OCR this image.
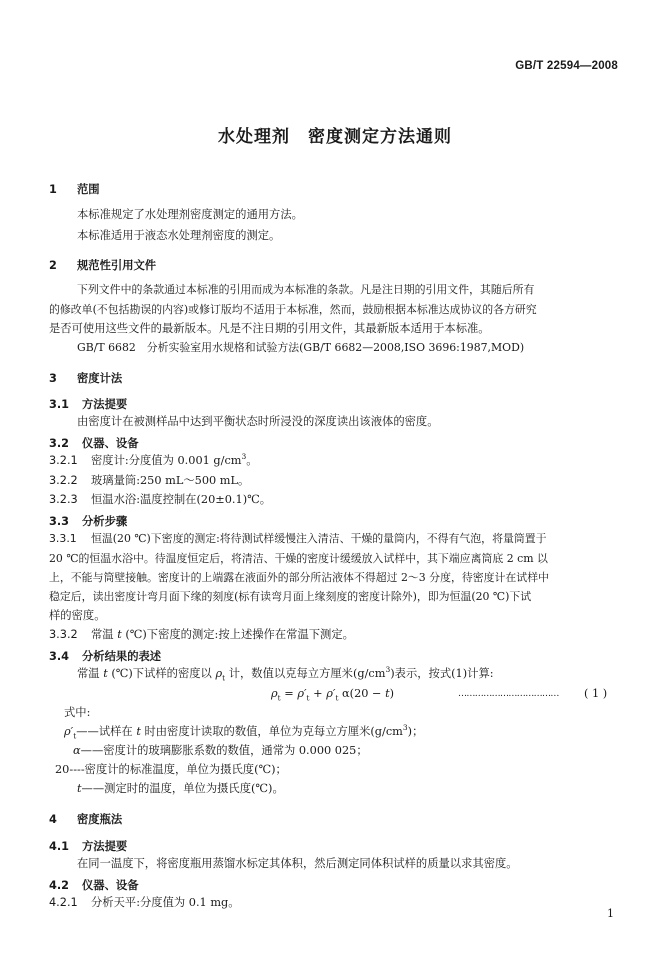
GB/T 22594—2008
水处理剂　密度测定方法通则
1 范围
本标准规定了水处理剂密度测定的通用方法。
本标准适用于液态水处理剂密度的测定。
2 规范性引用文件
下列文件中的条款通过本标准的引用而成为本标准的条款。凡是注日期的引用文件，其随后所有
的修改单(不包括勘误的内容)或修订版均不适用于本标准，然而，鼓励根据本标准达成协议的各方研究
是否可使用这些文件的最新版本。凡是不注日期的引用文件，其最新版本适用于本标准。
GB/T 6682　分析实验室用水规格和试验方法(GB/T 6682—2008,ISO 3696:1987,MOD)
3 密度计法
3.1 方法提要
由密度计在被测样品中达到平衡状态时所浸没的深度读出该液体的密度。
3.2 仪器、设备
3.2.1 密度计:分度值为 0.001 $g/cm^3$。
3.2.2 玻璃量筒:250 mL～500 mL。
3.2.3 恒温水浴:温度控制在(20±0.1)℃。
3.3 分析步骤
3.3.1 恒温(20 ℃)下密度的测定:将待测试样缓慢注入清洁、干燥的量筒内，不得有气泡，将量筒置于
20 ℃的恒温水浴中。待温度恒定后，将清洁、干燥的密度计缓缓放入试样中，其下端应离筒底 2 cm 以
上，不能与筒壁接触。密度计的上端露在液面外的部分所沾液体不得超过 2～3 分度，待密度计在试样中
稳定后，读出密度计弯月面下缘的刻度(标有读弯月面上缘刻度的密度计除外)，即为恒温(20 ℃)下试
样的密度。
3.3.2 常温 t (℃)下密度的测定:按上述操作在常温下测定。
3.4 分析结果的表述
常温 t (℃)下试样的密度以 $\rho_t$ 计，数值以克每立方厘米$(g/cm^3)$表示，按式(1)计算:
$\rho_t = \rho'_t + \rho'_t$ α(20 − t)	……………………………… ( 1 )
式中:
$\rho'_t——$试样在 t 时由密度计读取的数值，单位为克每立方厘米$(g/cm^3)$；
α——密度计的玻璃膨胀系数的数值，通常为 0.000 025；
20----密度计的标准温度，单位为摄氏度(℃)；
t——测定时的温度，单位为摄氏度(℃)。
4 密度瓶法
4.1 方法提要
在同一温度下，将密度瓶用蒸馏水标定其体积，然后测定同体积试样的质量以求其密度。
4.2 仪器、设备
4.2.1 分析天平:分度值为 0.1 mg。
1
